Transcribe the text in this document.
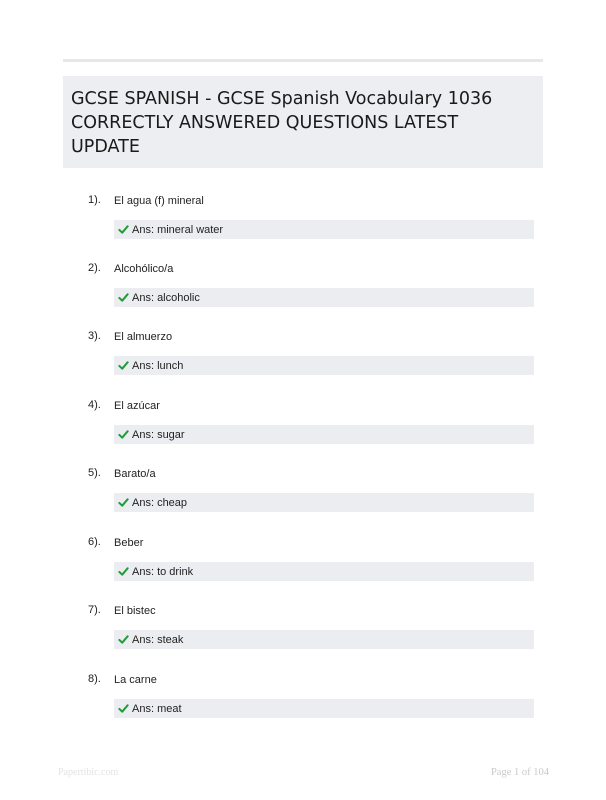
GCSE SPANISH - GCSE Spanish Vocabulary 1036
CORRECTLY ANSWERED QUESTIONS LATEST
UPDATE
1). El agua (f) mineral
Ans: mineral water
2). Alcohólico/a
Ans: alcoholic
3). El almuerzo
Ans: lunch
4). El azúcar
Ans: sugar
5). Barato/a
Ans: cheap
6). Beber
Ans: to drink
7). El bistec
Ans: steak
8). La carne
Ans: meat
Papertibic.com	Page 1 of 104
